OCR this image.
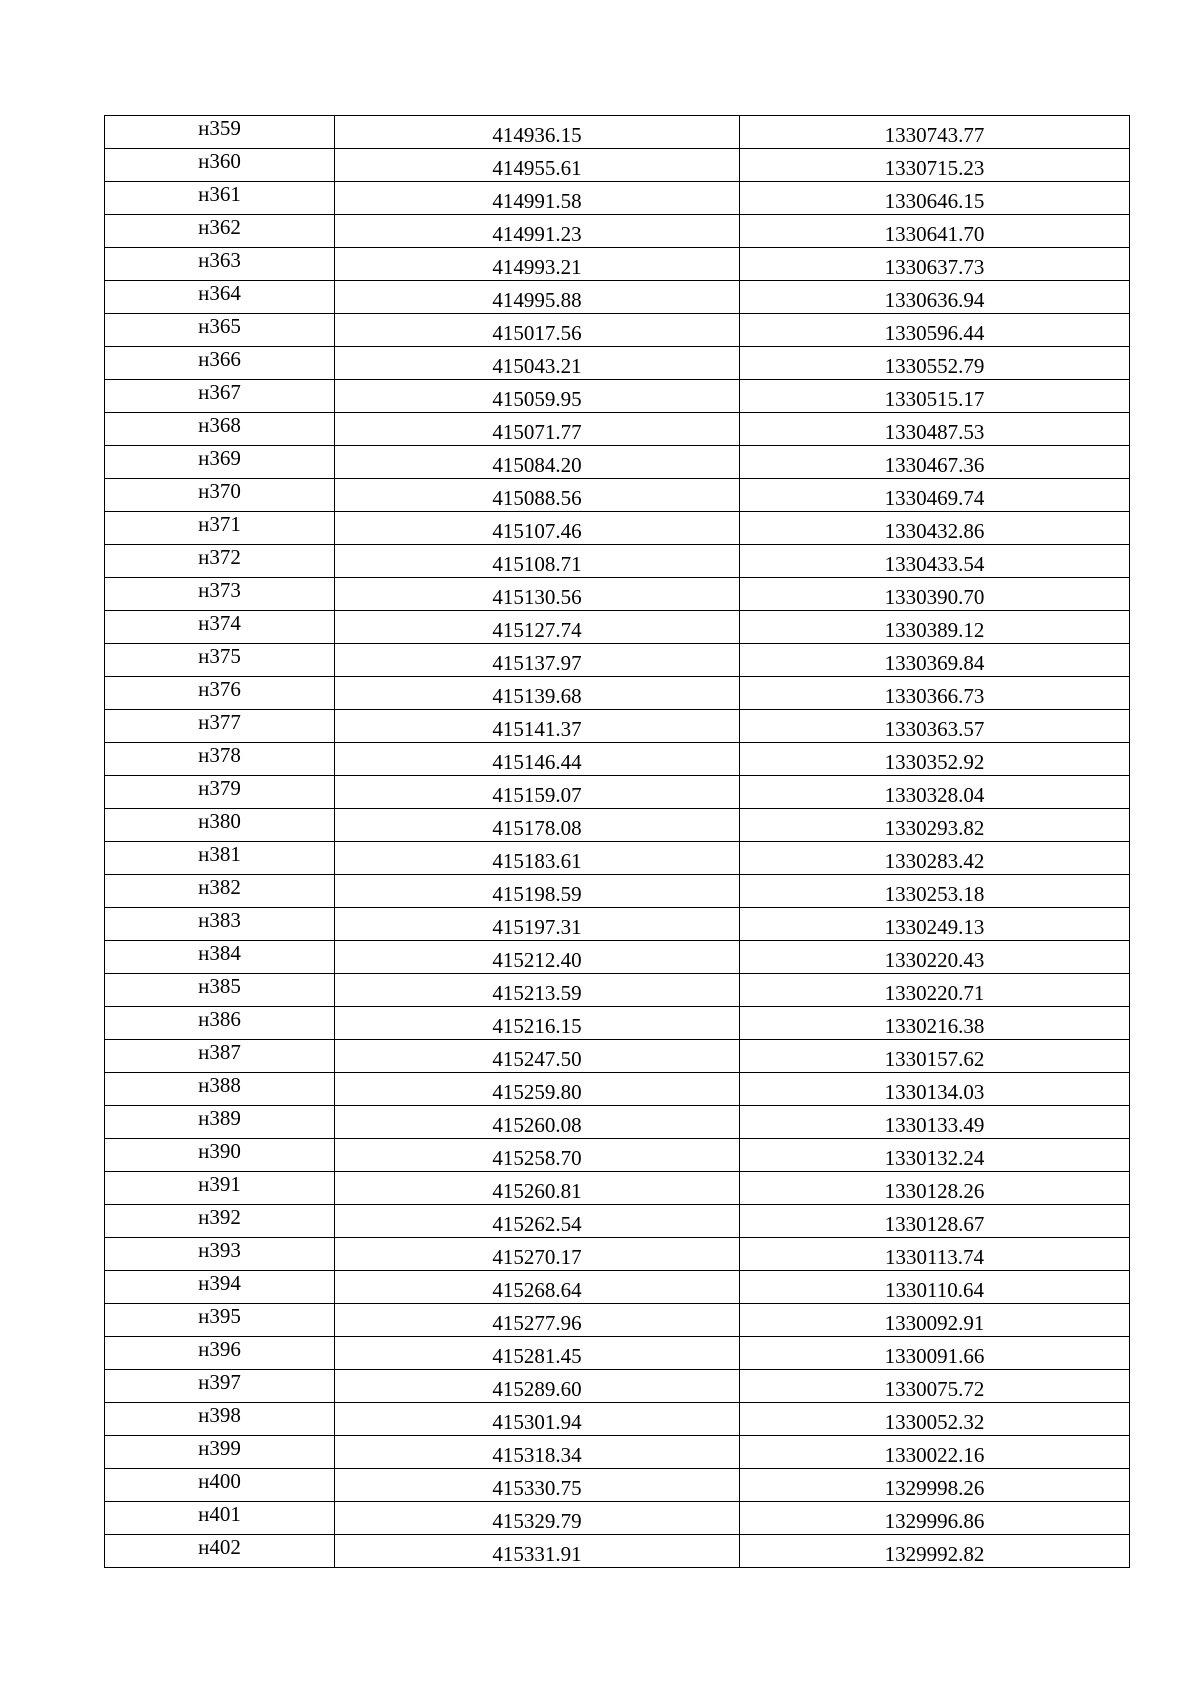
н359	414936.15	1330743.77
н360	414955.61	1330715.23
н361	414991.58	1330646.15
н362	414991.23	1330641.70
н363	414993.21	1330637.73
н364	414995.88	1330636.94
н365	415017.56	1330596.44
н366	415043.21	1330552.79
н367	415059.95	1330515.17
н368	415071.77	1330487.53
н369	415084.20	1330467.36
н370	415088.56	1330469.74
н371	415107.46	1330432.86
н372	415108.71	1330433.54
н373	415130.56	1330390.70
н374	415127.74	1330389.12
н375	415137.97	1330369.84
н376	415139.68	1330366.73
н377	415141.37	1330363.57
н378	415146.44	1330352.92
н379	415159.07	1330328.04
н380	415178.08	1330293.82
н381	415183.61	1330283.42
н382	415198.59	1330253.18
н383	415197.31	1330249.13
н384	415212.40	1330220.43
н385	415213.59	1330220.71
н386	415216.15	1330216.38
н387	415247.50	1330157.62
н388	415259.80	1330134.03
н389	415260.08	1330133.49
н390	415258.70	1330132.24
н391	415260.81	1330128.26
н392	415262.54	1330128.67
н393	415270.17	1330113.74
н394	415268.64	1330110.64
н395	415277.96	1330092.91
н396	415281.45	1330091.66
н397	415289.60	1330075.72
н398	415301.94	1330052.32
н399	415318.34	1330022.16
н400	415330.75	1329998.26
н401	415329.79	1329996.86
н402	415331.91	1329992.82
